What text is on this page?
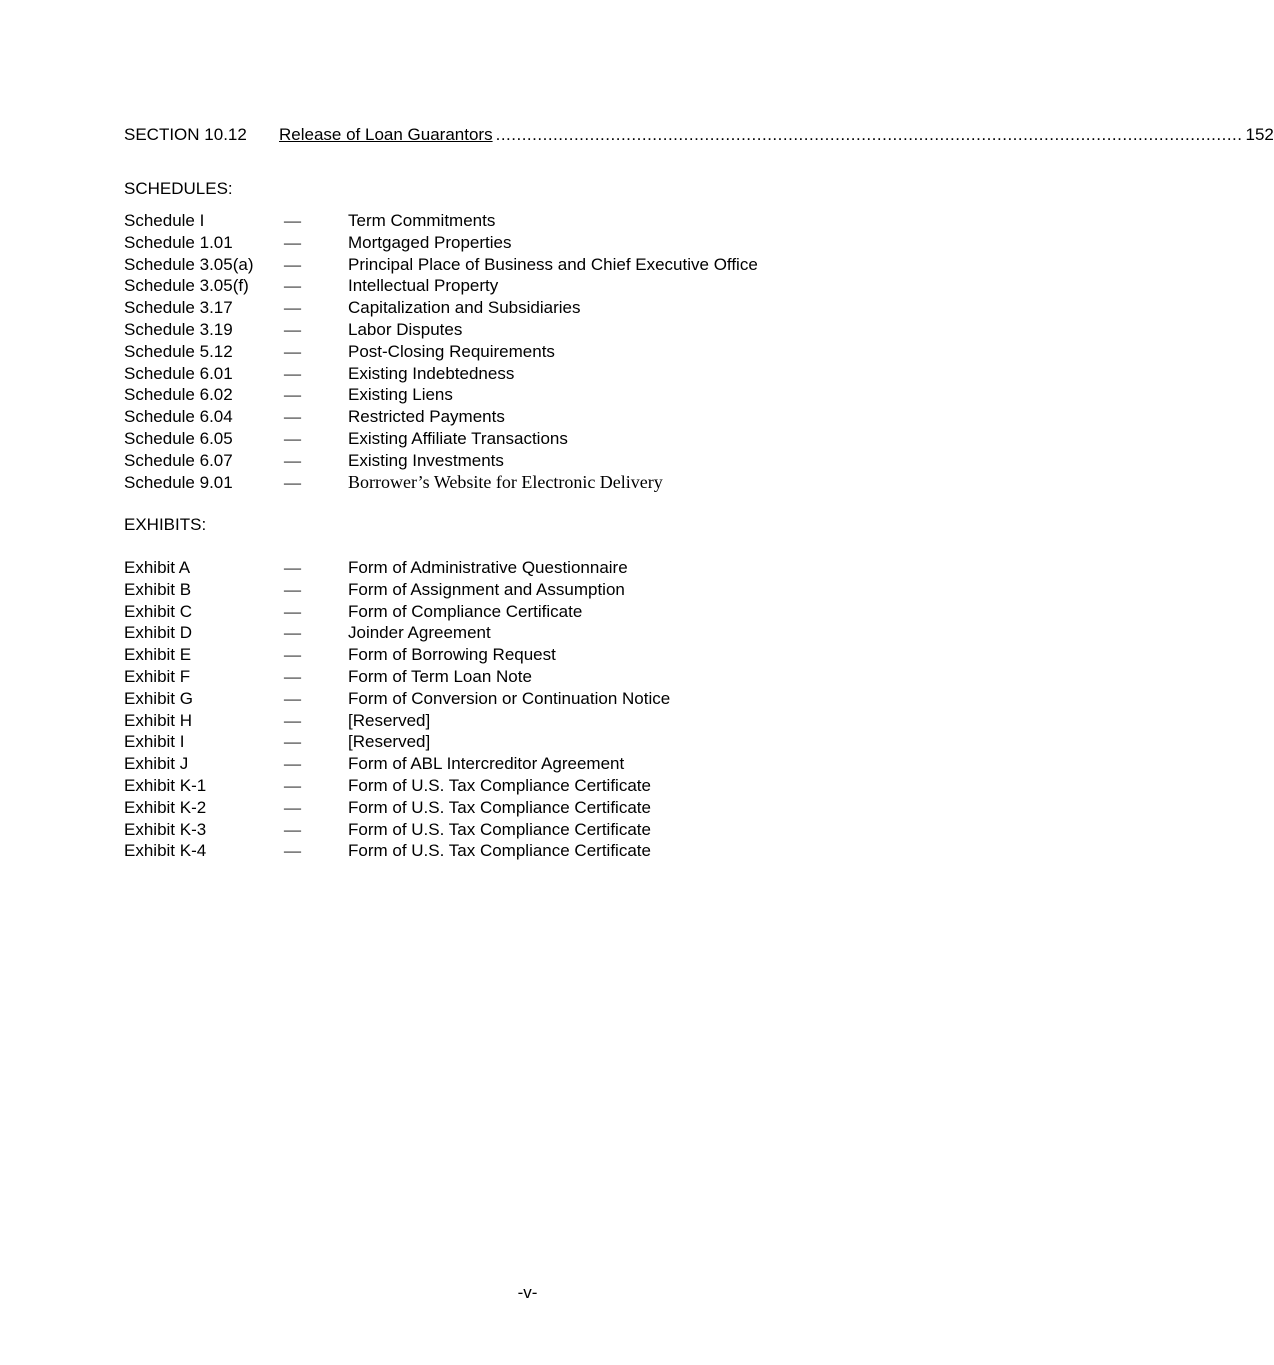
SECTION 10.12	Release of Loan Guarantors ............................................................................................................................................... 152
SCHEDULES:
Schedule I	—	Term Commitments
Schedule 1.01	—	Mortgaged Properties
Schedule 3.05(a) —	Principal Place of Business and Chief Executive Office
Schedule 3.05(f) —	Intellectual Property
Schedule 3.17	—	Capitalization and Subsidiaries
Schedule 3.19	—	Labor Disputes
Schedule 5.12	—	Post-Closing Requirements
Schedule 6.01	—	Existing Indebtedness
Schedule 6.02	—	Existing Liens
Schedule 6.04	—	Restricted Payments
Schedule 6.05	—	Existing Affiliate Transactions
Schedule 6.07	—	Existing Investments
Schedule 9.01	—	Borrower’s Website for Electronic Delivery
EXHIBITS:
Exhibit A	—	Form of Administrative Questionnaire
Exhibit B	—	Form of Assignment and Assumption
Exhibit C	—	Form of Compliance Certificate
Exhibit D	—	Joinder Agreement
Exhibit E	—	Form of Borrowing Request
Exhibit F	—	Form of Term Loan Note
Exhibit G	—	Form of Conversion or Continuation Notice
Exhibit H	—	[Reserved]
Exhibit I	—	[Reserved]
Exhibit J	—	Form of ABL Intercreditor Agreement
Exhibit K-1	—	Form of U.S. Tax Compliance Certificate
Exhibit K-2	—	Form of U.S. Tax Compliance Certificate
Exhibit K-3	—	Form of U.S. Tax Compliance Certificate
Exhibit K-4	—	Form of U.S. Tax Compliance Certificate
-v-
